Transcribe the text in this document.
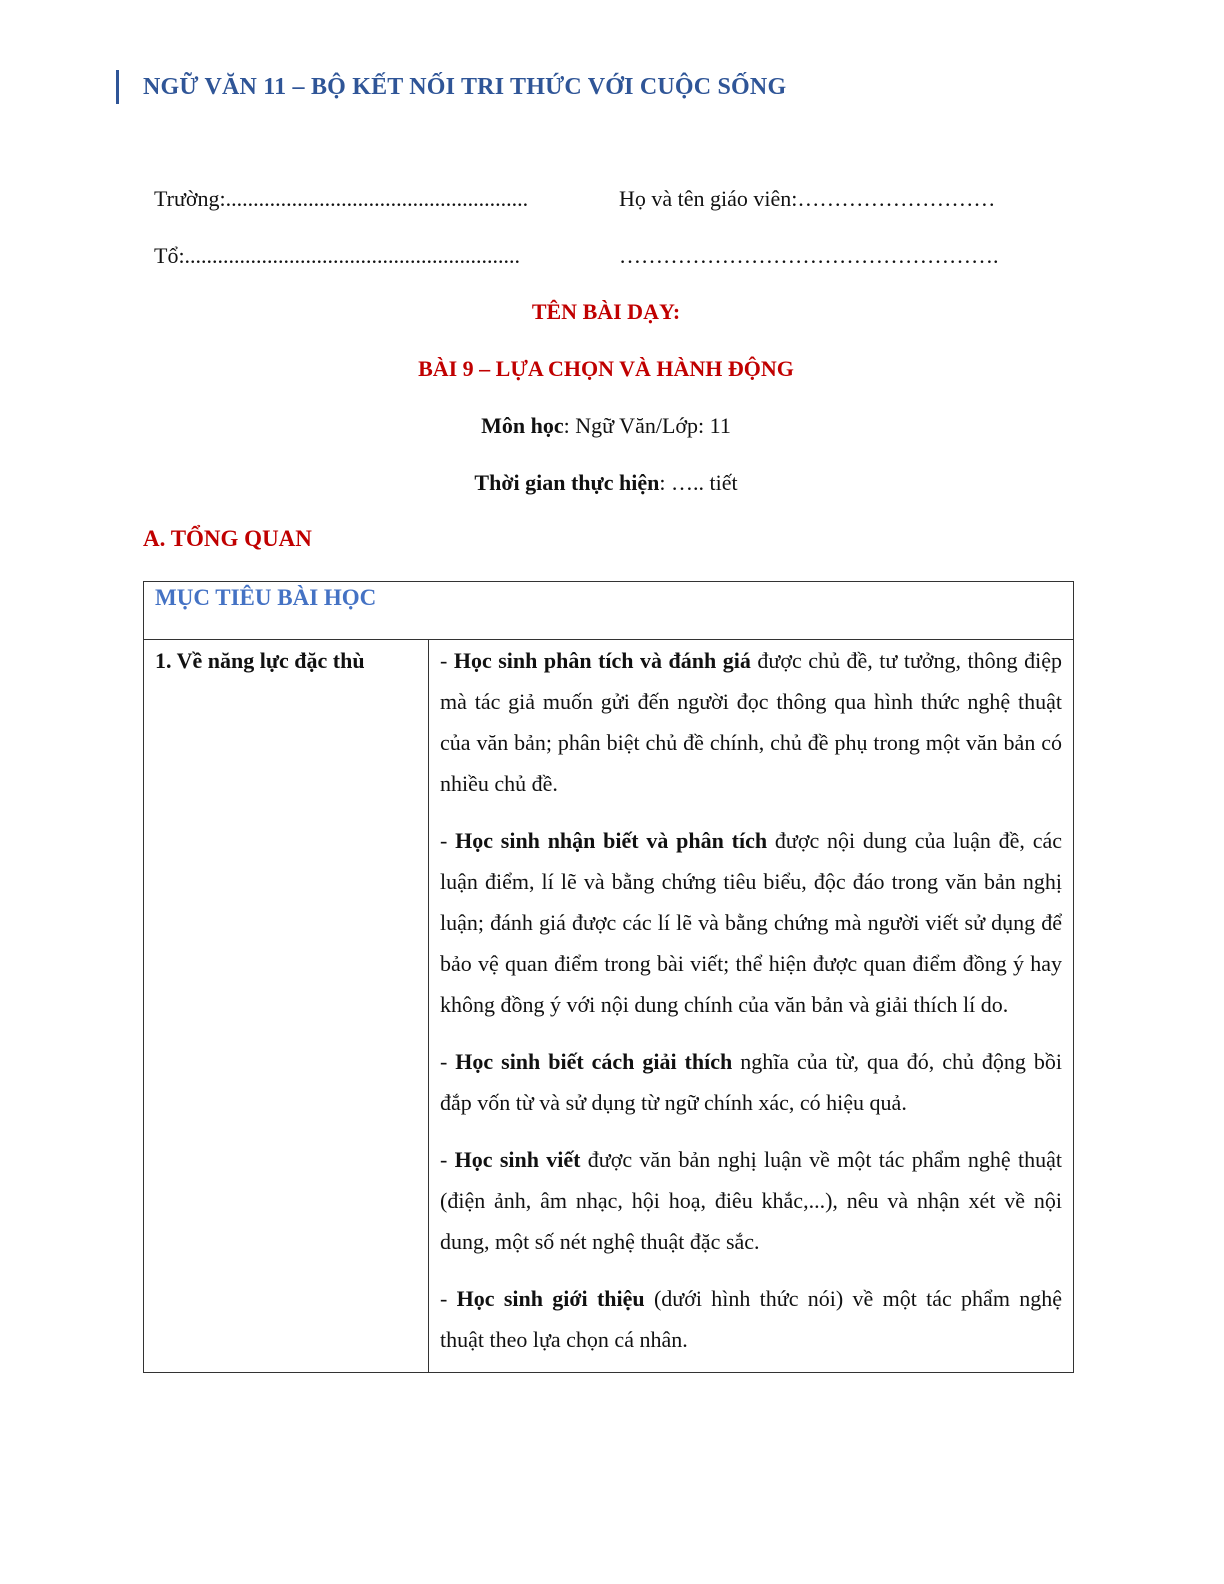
NGỮ VĂN 11 – BỘ KẾT NỐI TRI THỨC VỚI CUỘC SỐNG
Trường:.......................................................	Họ và tên giáo viên:………………………
Tổ:.............................................................	…………………………………………….
TÊN BÀI DẠY:
BÀI 9 – LỰA CHỌN VÀ HÀNH ĐỘNG
Môn học: Ngữ Văn/Lớp: 11
Thời gian thực hiện: ….. tiết
A. TỔNG QUAN
MỤC TIÊU BÀI HỌC
1. Về năng lực đặc thù	- Học sinh phân tích và đánh giá được chủ đề, tư tưởng, thông điệp mà tác giả muốn gửi đến người đọc thông qua hình thức nghệ thuật của văn bản; phân biệt chủ đề chính, chủ đề phụ trong một văn bản có nhiều chủ đề.

- Học sinh nhận biết và phân tích được nội dung của luận đề, các luận điểm, lí lẽ và bằng chứng tiêu biểu, độc đáo trong văn bản nghị luận; đánh giá được các lí lẽ và bằng chứng mà người viết sử dụng để bảo vệ quan điểm trong bài viết; thể hiện được quan điểm đồng ý hay không đồng ý với nội dung chính của văn bản và giải thích lí do.

- Học sinh biết cách giải thích nghĩa của từ, qua đó, chủ động bồi đắp vốn từ và sử dụng từ ngữ chính xác, có hiệu quả.

- Học sinh viết được văn bản nghị luận về một tác phẩm nghệ thuật (điện ảnh, âm nhạc, hội hoạ, điêu khắc,...), nêu và nhận xét về nội dung, một số nét nghệ thuật đặc sắc.

- Học sinh giới thiệu (dưới hình thức nói) về một tác phẩm nghệ thuật theo lựa chọn cá nhân.
